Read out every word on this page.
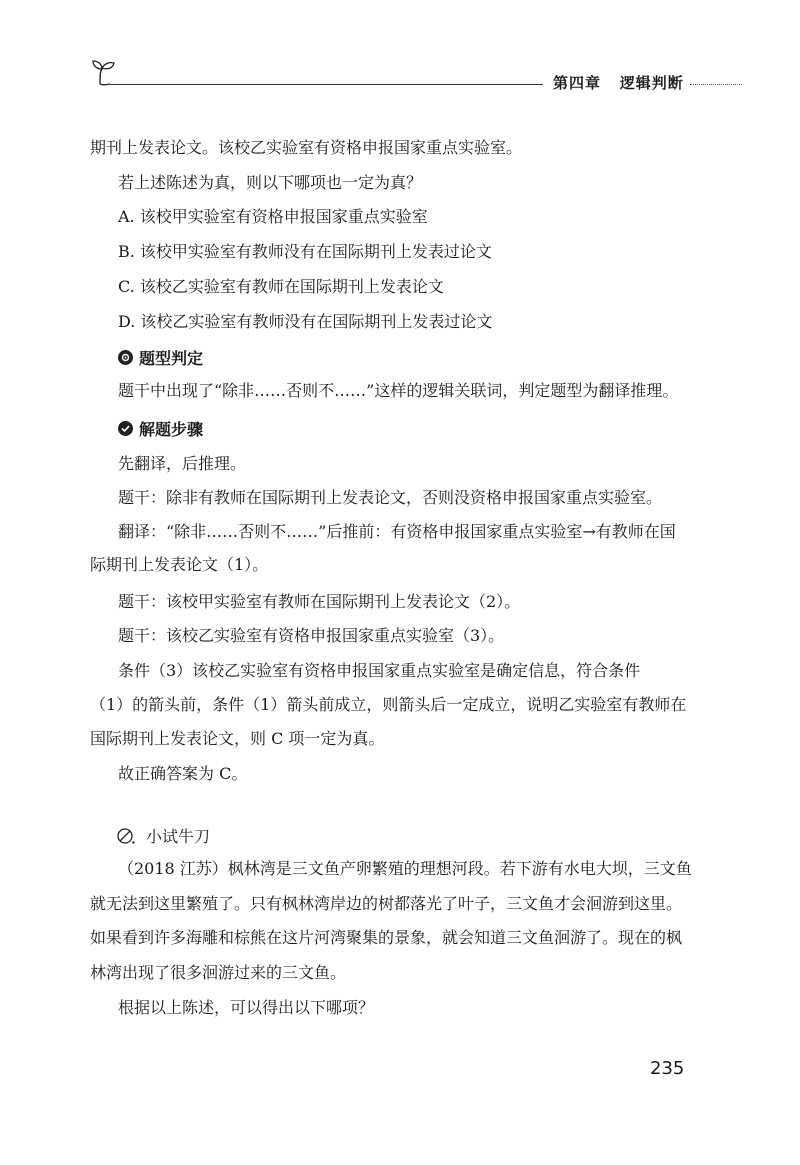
第四章 逻辑判断
期刊上发表论文。该校乙实验室有资格申报国家重点实验室。
若上述陈述为真，则以下哪项也一定为真？
A. 该校甲实验室有资格申报国家重点实验室
B. 该校甲实验室有教师没有在国际期刊上发表过论文
C. 该校乙实验室有教师在国际期刊上发表论文
D. 该校乙实验室有教师没有在国际期刊上发表过论文
题型判定
题干中出现了“除非……否则不……”这样的逻辑关联词，判定题型为翻译推理。
解题步骤
先翻译，后推理。
题干：除非有教师在国际期刊上发表论文，否则没资格申报国家重点实验室。
翻译：“除非……否则不……”后推前：有资格申报国家重点实验室→有教师在国
际期刊上发表论文（1）。
题干：该校甲实验室有教师在国际期刊上发表论文（2）。
题干：该校乙实验室有资格申报国家重点实验室（3）。
条件（3）该校乙实验室有资格申报国家重点实验室是确定信息，符合条件
（1）的箭头前，条件（1）箭头前成立，则箭头后一定成立，说明乙实验室有教师在
国际期刊上发表论文，则 C 项一定为真。
故正确答案为 C。
小试牛刀
（2018 江苏）枫林湾是三文鱼产卵繁殖的理想河段。若下游有水电大坝，三文鱼
就无法到这里繁殖了。只有枫林湾岸边的树都落光了叶子，三文鱼才会洄游到这里。
如果看到许多海雕和棕熊在这片河湾聚集的景象，就会知道三文鱼洄游了。现在的枫
林湾出现了很多洄游过来的三文鱼。
根据以上陈述，可以得出以下哪项？
235
